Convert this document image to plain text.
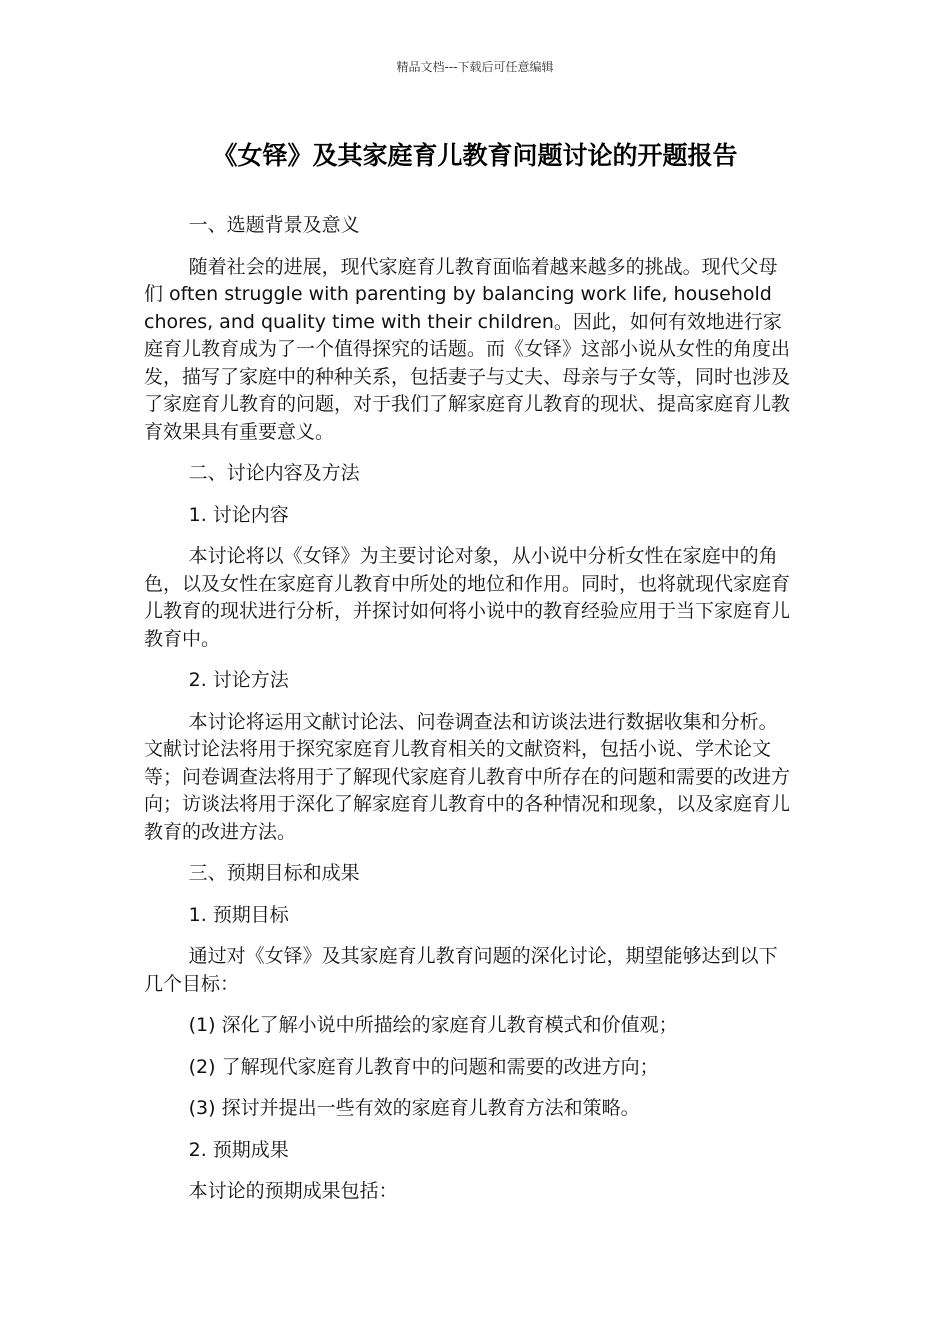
精品文档---下载后可任意编辑
《女铎》及其家庭育儿教育问题讨论的开题报告

一、选题背景及意义

随着社会的进展，现代家庭育儿教育面临着越来越多的挑战。现代父母们 often struggle with parenting by balancing work life, household chores, and quality time with their children。因此，如何有效地进行家庭育儿教育成为了一个值得探究的话题。而《女铎》这部小说从女性的角度出发，描写了家庭中的种种关系，包括妻子与丈夫、母亲与子女等，同时也涉及了家庭育儿教育的问题，对于我们了解家庭育儿教育的现状、提高家庭育儿教育效果具有重要意义。

二、讨论内容及方法

1. 讨论内容

本讨论将以《女铎》为主要讨论对象，从小说中分析女性在家庭中的角色，以及女性在家庭育儿教育中所处的地位和作用。同时，也将就现代家庭育儿教育的现状进行分析，并探讨如何将小说中的教育经验应用于当下家庭育儿教育中。

2. 讨论方法

本讨论将运用文献讨论法、问卷调查法和访谈法进行数据收集和分析。文献讨论法将用于探究家庭育儿教育相关的文献资料，包括小说、学术论文等；问卷调查法将用于了解现代家庭育儿教育中所存在的问题和需要的改进方向；访谈法将用于深化了解家庭育儿教育中的各种情况和现象，以及家庭育儿教育的改进方法。

三、预期目标和成果

1. 预期目标

通过对《女铎》及其家庭育儿教育问题的深化讨论，期望能够达到以下几个目标：

(1) 深化了解小说中所描绘的家庭育儿教育模式和价值观；

(2) 了解现代家庭育儿教育中的问题和需要的改进方向；

(3) 探讨并提出一些有效的家庭育儿教育方法和策略。

2. 预期成果

本讨论的预期成果包括：
